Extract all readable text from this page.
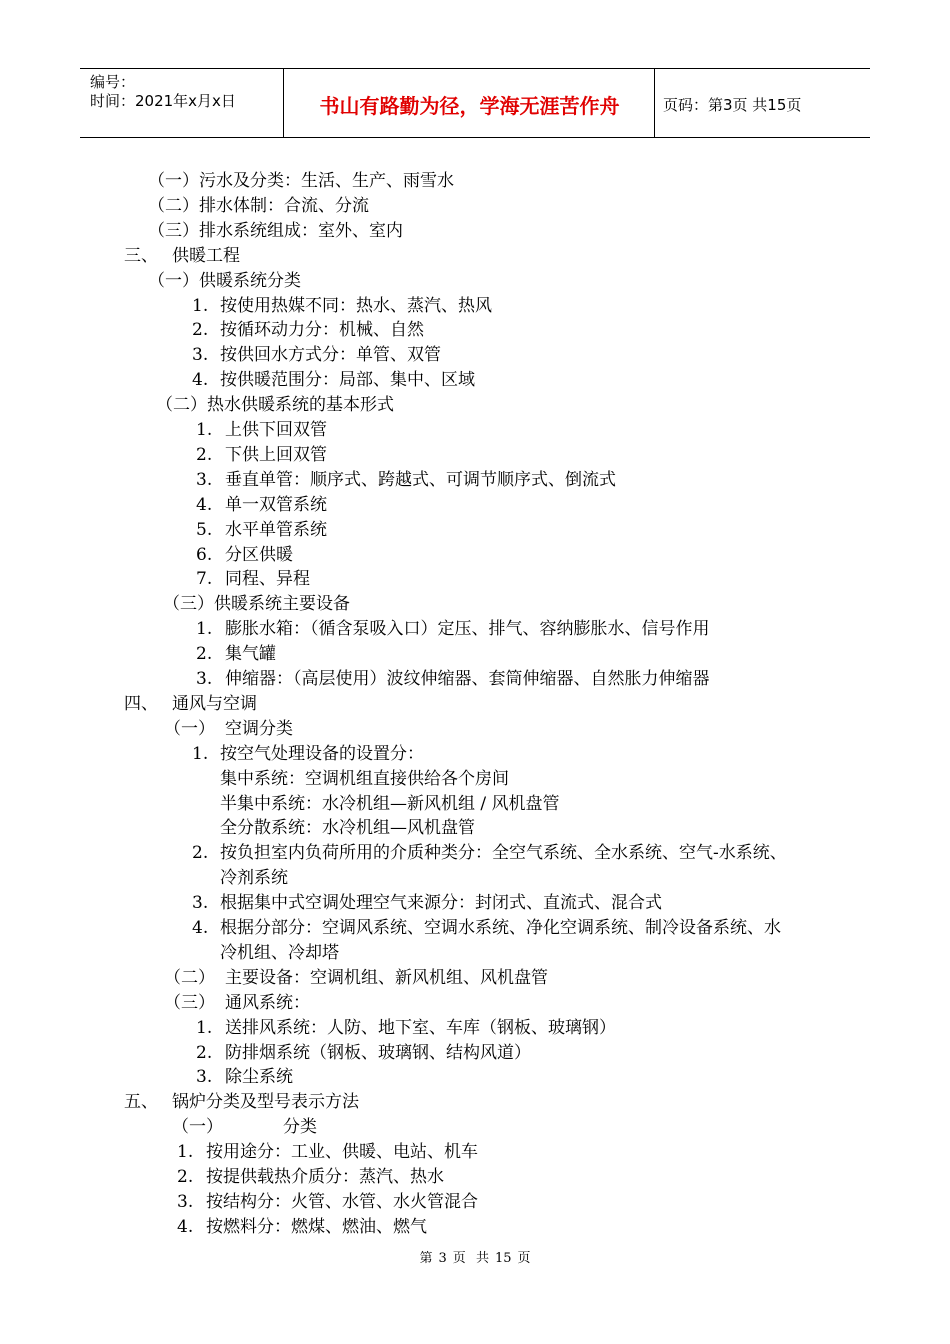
编号：
时间：2021年x月x日	书山有路勤为径，学海无涯苦作舟	页码：第3页 共15页
（一）污水及分类：生活、生产、雨雪水
（二）排水体制：合流、分流
（三）排水系统组成：室外、室内
三、 供暖工程
（一）供暖系统分类
1. 按使用热媒不同：热水、蒸汽、热风
2. 按循环动力分：机械、自然
3. 按供回水方式分：单管、双管
4. 按供暖范围分：局部、集中、区域
（二）热水供暖系统的基本形式
1. 上供下回双管
2. 下供上回双管
3. 垂直单管：顺序式、跨越式、可调节顺序式、倒流式
4. 单一双管系统
5. 水平单管系统
6. 分区供暖
7. 同程、异程
（三）供暖系统主要设备
1. 膨胀水箱：（循含泵吸入口）定压、排气、容纳膨胀水、信号作用
2. 集气罐
3. 伸缩器：（高层使用）波纹伸缩器、套筒伸缩器、自然胀力伸缩器
四、 通风与空调
（一） 空调分类
1. 按空气处理设备的设置分：
集中系统：空调机组直接供给各个房间
半集中系统：水冷机组—新风机组 / 风机盘管
全分散系统：水冷机组—风机盘管
2. 按负担室内负荷所用的介质种类分：全空气系统、全水系统、空气-水系统、
冷剂系统
3. 根据集中式空调处理空气来源分：封闭式、直流式、混合式
4. 根据分部分：空调风系统、空调水系统、净化空调系统、制冷设备系统、水
冷机组、冷却塔
（二） 主要设备：空调机组、新风机组、风机盘管
（三） 通风系统：
1. 送排风系统：人防、地下室、车库（钢板、玻璃钢）
2. 防排烟系统（钢板、玻璃钢、结构风道）
3. 除尘系统
五、 锅炉分类及型号表示方法
（一）	分类
1. 按用途分：工业、供暖、电站、机车
2. 按提供载热介质分：蒸汽、热水
3. 按结构分：火管、水管、水火管混合
4. 按燃料分：燃煤、燃油、燃气
第 3 页 共 15 页
